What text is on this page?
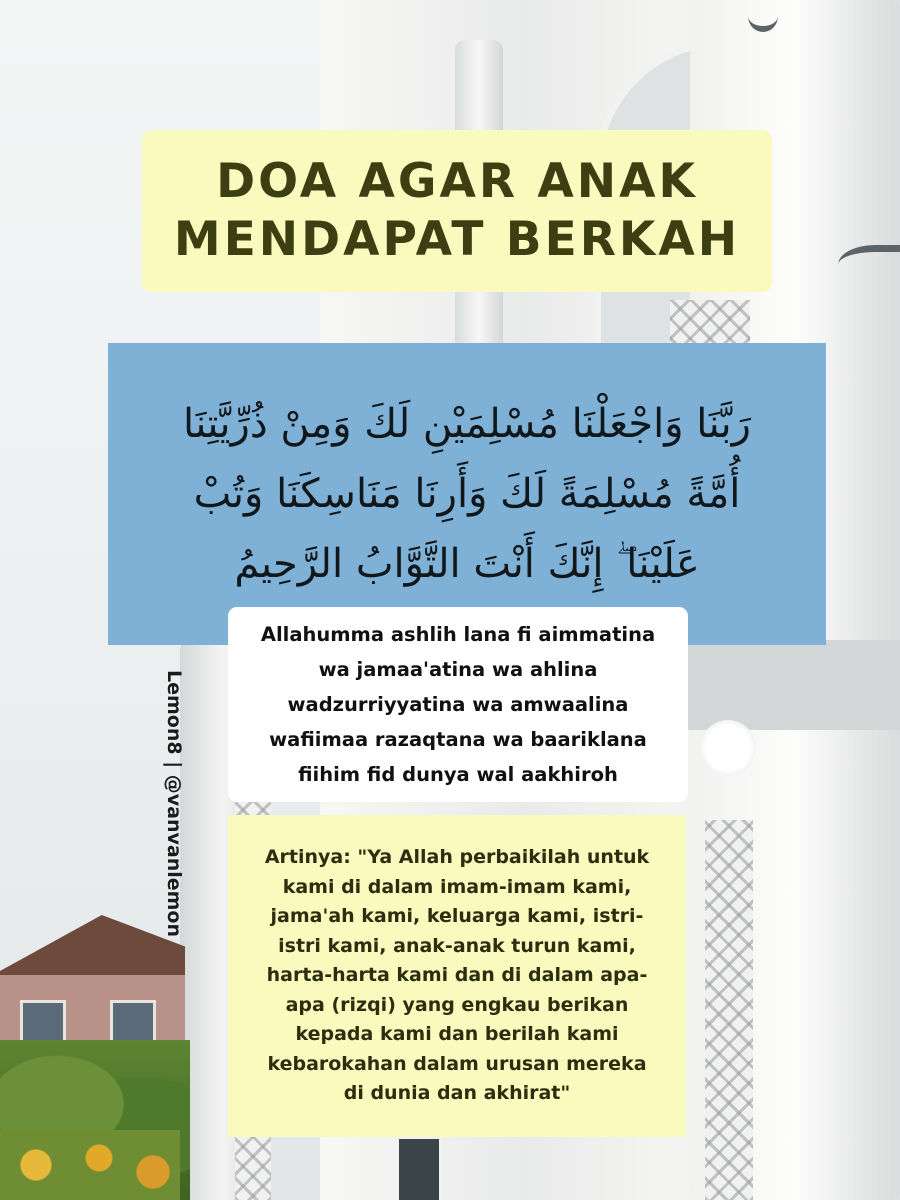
DOA AGAR ANAK
MENDAPAT BERKAH
رَبَّنَا وَاجْعَلْنَا مُسْلِمَيْنِ لَكَ وَمِنْ ذُرِّيَّتِنَا
أُمَّةً مُسْلِمَةً لَكَ وَأَرِنَا مَنَاسِكَنَا وَتُبْ
عَلَيْنَا ۖ إِنَّكَ أَنْتَ التَّوَّابُ الرَّحِيمُ
Allahumma ashlih lana fi aimmatina
wa jamaa'atina wa ahlina
wadzurriyyatina wa amwaalina
wafiimaa razaqtana wa baariklana
fiihim fid dunya wal aakhiroh
Artinya: "Ya Allah perbaikilah untuk
kami di dalam imam-imam kami,
jama'ah kami, keluarga kami, istri-
istri kami, anak-anak turun kami,
harta-harta kami dan di dalam apa-
apa (rizqi) yang engkau berikan
kepada kami dan berilah kami
kebarokahan dalam urusan mereka
di dunia dan akhirat"
Lemon8 | @vanvanlemon
